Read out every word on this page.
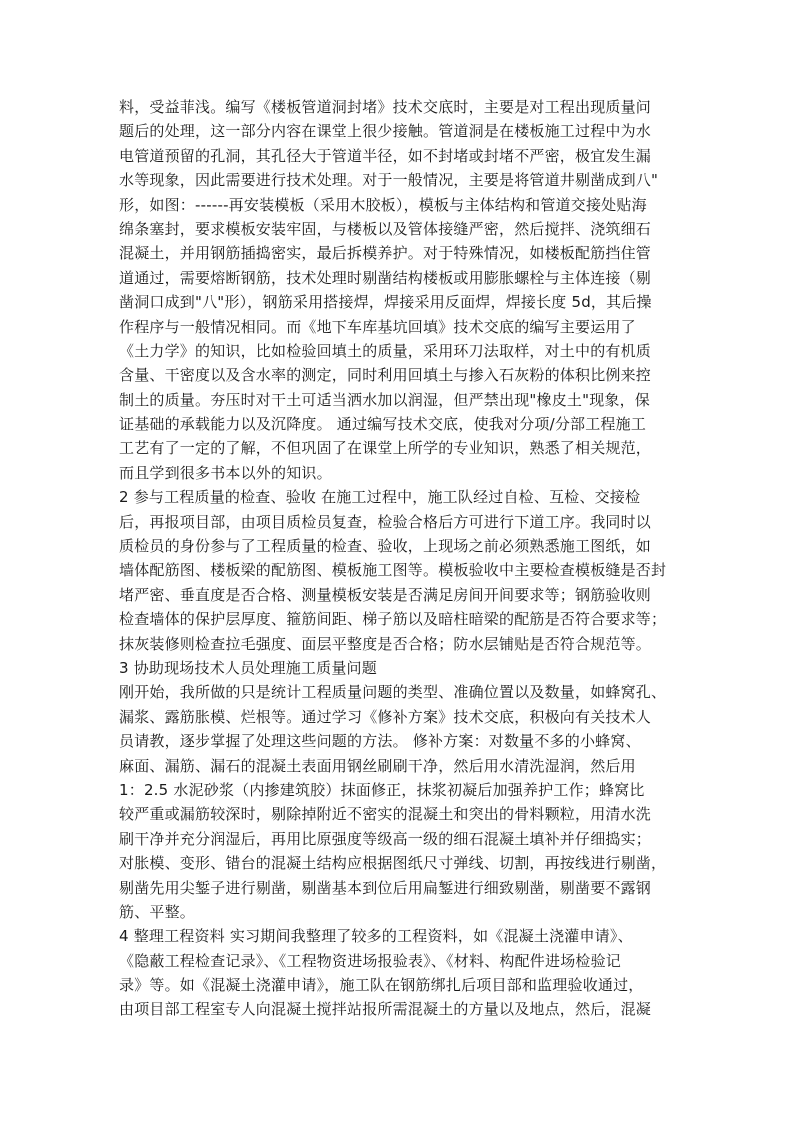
料，受益菲浅。编写《楼板管道洞封堵》技术交底时，主要是对工程出现质量问
题后的处理，这一部分内容在课堂上很少接触。管道洞是在楼板施工过程中为水
电管道预留的孔洞，其孔径大于管道半径，如不封堵或封堵不严密，极宜发生漏
水等现象，因此需要进行技术处理。对于一般情况，主要是将管道井剔凿成到八"
形，如图：------再安装模板（采用木胶板），模板与主体结构和管道交接处贴海
绵条塞封，要求模板安装牢固，与楼板以及管体接缝严密，然后搅拌、浇筑细石
混凝土，并用钢筋插捣密实，最后拆模养护。对于特殊情况，如楼板配筋挡住管
道通过，需要熔断钢筋，技术处理时剔凿结构楼板或用膨胀螺栓与主体连接（剔
凿洞口成到"八"形），钢筋采用搭接焊，焊接采用反面焊，焊接长度 5d，其后操
作程序与一般情况相同。而《地下车库基坑回填》技术交底的编写主要运用了
《土力学》的知识，比如检验回填土的质量，采用环刀法取样，对土中的有机质
含量、干密度以及含水率的测定，同时利用回填土与掺入石灰粉的体积比例来控
制土的质量。夯压时对干土可适当洒水加以润湿，但严禁出现"橡皮土"现象，保
证基础的承载能力以及沉降度。 通过编写技术交底，使我对分项/分部工程施工
工艺有了一定的了解，不但巩固了在课堂上所学的专业知识，熟悉了相关规范，
而且学到很多书本以外的知识。
2 参与工程质量的检查、验收 在施工过程中，施工队经过自检、互检、交接检
后，再报项目部，由项目质检员复查，检验合格后方可进行下道工序。我同时以
质检员的身份参与了工程质量的检查、验收，上现场之前必须熟悉施工图纸，如
墙体配筋图、楼板梁的配筋图、模板施工图等。模板验收中主要检查模板缝是否封
堵严密、垂直度是否合格、测量模板安装是否满足房间开间要求等；钢筋验收则
检查墙体的保护层厚度、箍筋间距、梯子筋以及暗柱暗梁的配筋是否符合要求等；
抹灰装修则检查拉毛强度、面层平整度是否合格；防水层铺贴是否符合规范等。
3 协助现场技术人员处理施工质量问题
刚开始，我所做的只是统计工程质量问题的类型、准确位置以及数量，如蜂窝孔、
漏浆、露筋胀模、烂根等。通过学习《修补方案》技术交底，积极向有关技术人
员请教，逐步掌握了处理这些问题的方法。 修补方案：对数量不多的小蜂窝、
麻面、漏筋、漏石的混凝土表面用钢丝刷刷干净，然后用水清洗湿润，然后用
1：2.5 水泥砂浆（内掺建筑胶）抹面修正，抹浆初凝后加强养护工作；蜂窝比
较严重或漏筋较深时，剔除掉附近不密实的混凝土和突出的骨料颗粒，用清水洗
刷干净并充分润湿后，再用比原强度等级高一级的细石混凝土填补并仔细捣实；
对胀模、变形、错台的混凝土结构应根据图纸尺寸弹线、切割，再按线进行剔凿，
剔凿先用尖錾子进行剔凿，剔凿基本到位后用扁錾进行细致剔凿，剔凿要不露钢
筋、平整。
4 整理工程资料 实习期间我整理了较多的工程资料，如《混凝土浇灌申请》、
《隐蔽工程检查记录》、《工程物资进场报验表》、《材料、构配件进场检验记
录》等。如《混凝土浇灌申请》，施工队在钢筋绑扎后项目部和监理验收通过，
由项目部工程室专人向混凝土搅拌站报所需混凝土的方量以及地点，然后，混凝
